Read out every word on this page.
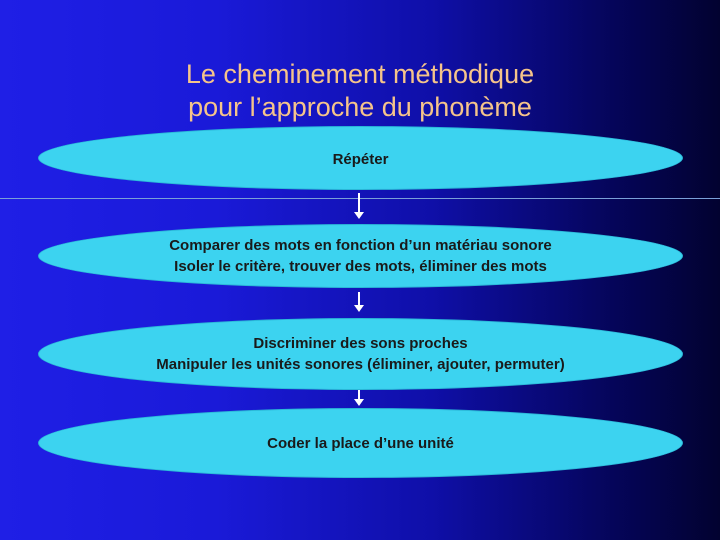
Le cheminement méthodique
pour l’approche du phonème
Répéter
Comparer des mots en fonction d’un matériau sonore
Isoler le critère, trouver des mots, éliminer des mots
Discriminer des sons proches
Manipuler les unités sonores (éliminer, ajouter, permuter)
Coder la place d’une unité
